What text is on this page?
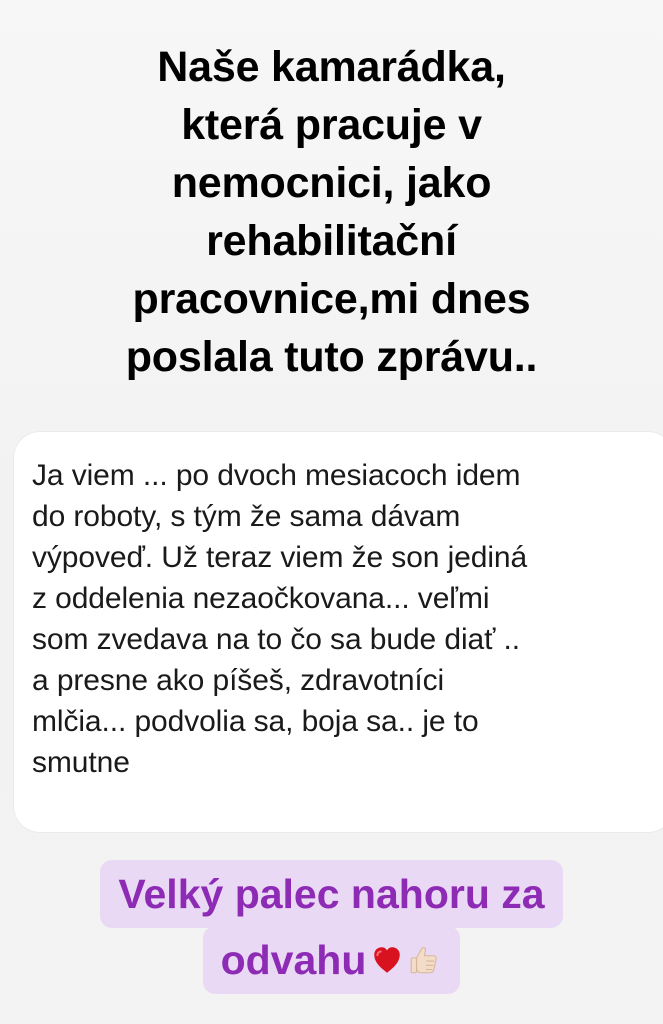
Naše kamarádka,
která pracuje v
nemocnici, jako
rehabilitační
pracovnice,mi dnes
poslala tuto zprávu..
Ja viem ... po dvoch mesiacoch idem
do roboty, s tým že sama dávam
výpoveď. Už teraz viem že son jediná
z oddelenia nezaočkovana... veľmi
som zvedava na to čo sa bude diať ..
a presne ako píšeš, zdravotníci
mlčia... podvolia sa, boja sa.. je to
smutne
Velký palec nahoru za
odvahu
